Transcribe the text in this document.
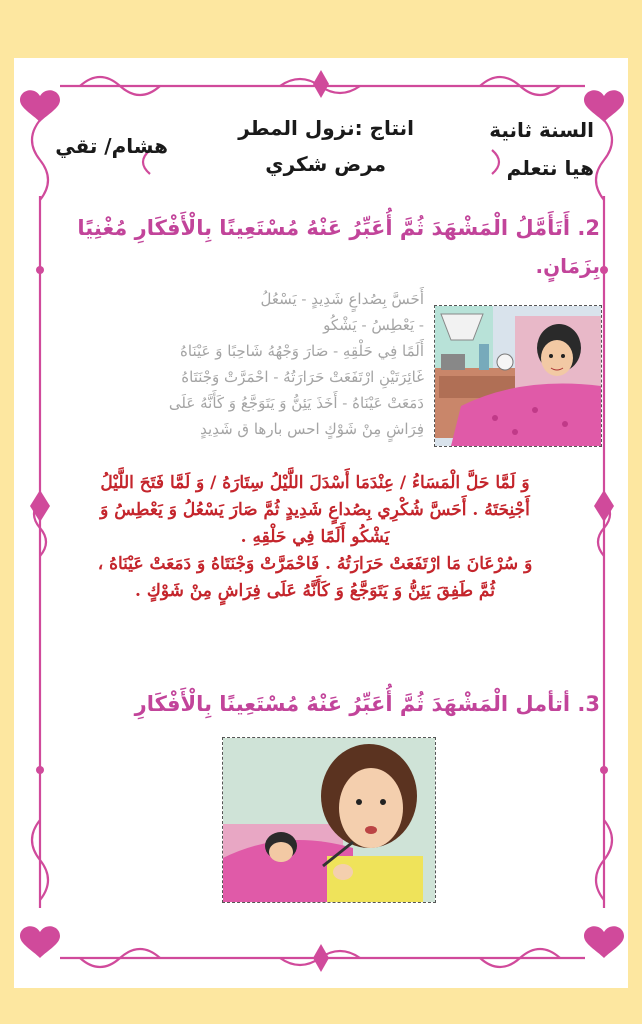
السنة ثانية
هيا نتعلم
انتاج :نزول المطر
مرض شكري
هشام/ تقي
2. أَتَأَمَّلُ الْمَشْهَدَ ثُمَّ أُعَبِّرُ عَنْهُ مُسْتَعِينًا بِالْأَفْكَارِ مُغْنِيًا
بِزَمَانٍ.
أَحَسَّ بِصُداعٍ شَدِيدٍ - يَسْعُلُ
- يَعْطِسُ - يَشْكُو
أَلَمًا فِي حَلْقِهِ - صَارَ وَجْهُهُ شَاحِبًا وَ عَيْنَاهُ
غَائِرَتَيْنِ ارْتَفَعَتْ حَرَارَتُهُ - احْمَرَّتْ وَجْنَتَاهُ
دَمَعَتْ عَيْنَاهُ - أَخَذَ يَئِنُّ وَ يَتَوَجَّعُ وَ كَأَنَّهُ عَلَى
فِرَاشٍ مِنْ شَوْكٍ احس بارها ق شَدِيدٍ
وَ لَمَّا حَلَّ الْمَسَاءُ / عِنْدَمَا أَسْدَلَ اللَّيْلُ سِتَارَهُ / وَ لَمَّا فَتَحَ اللَّيْلُ
أَجْنِحَتَهُ . أَحَسَّ شُكْرِي بِصُداعٍ شَدِيدٍ ثُمَّ صَارَ يَسْعُلُ وَ يَعْطِسُ وَ
يَشْكُو أَلَمًا فِي حَلْقِهِ .
وَ سُرْعَانَ مَا ارْتَفَعَتْ حَرَارَتُهُ . فَاحْمَرَّتْ وَجْنَتَاهُ وَ دَمَعَتْ عَيْنَاهُ ،
ثُمَّ طَفِقَ يَئِنُّ وَ يَتَوَجَّعُ وَ كَأَنَّهُ عَلَى فِرَاشٍ مِنْ شَوْكٍ .
3. أتأمل الْمَشْهَدَ ثُمَّ أُعَبِّرُ عَنْهُ مُسْتَعِينًا بِالْأَفْكَارِ
